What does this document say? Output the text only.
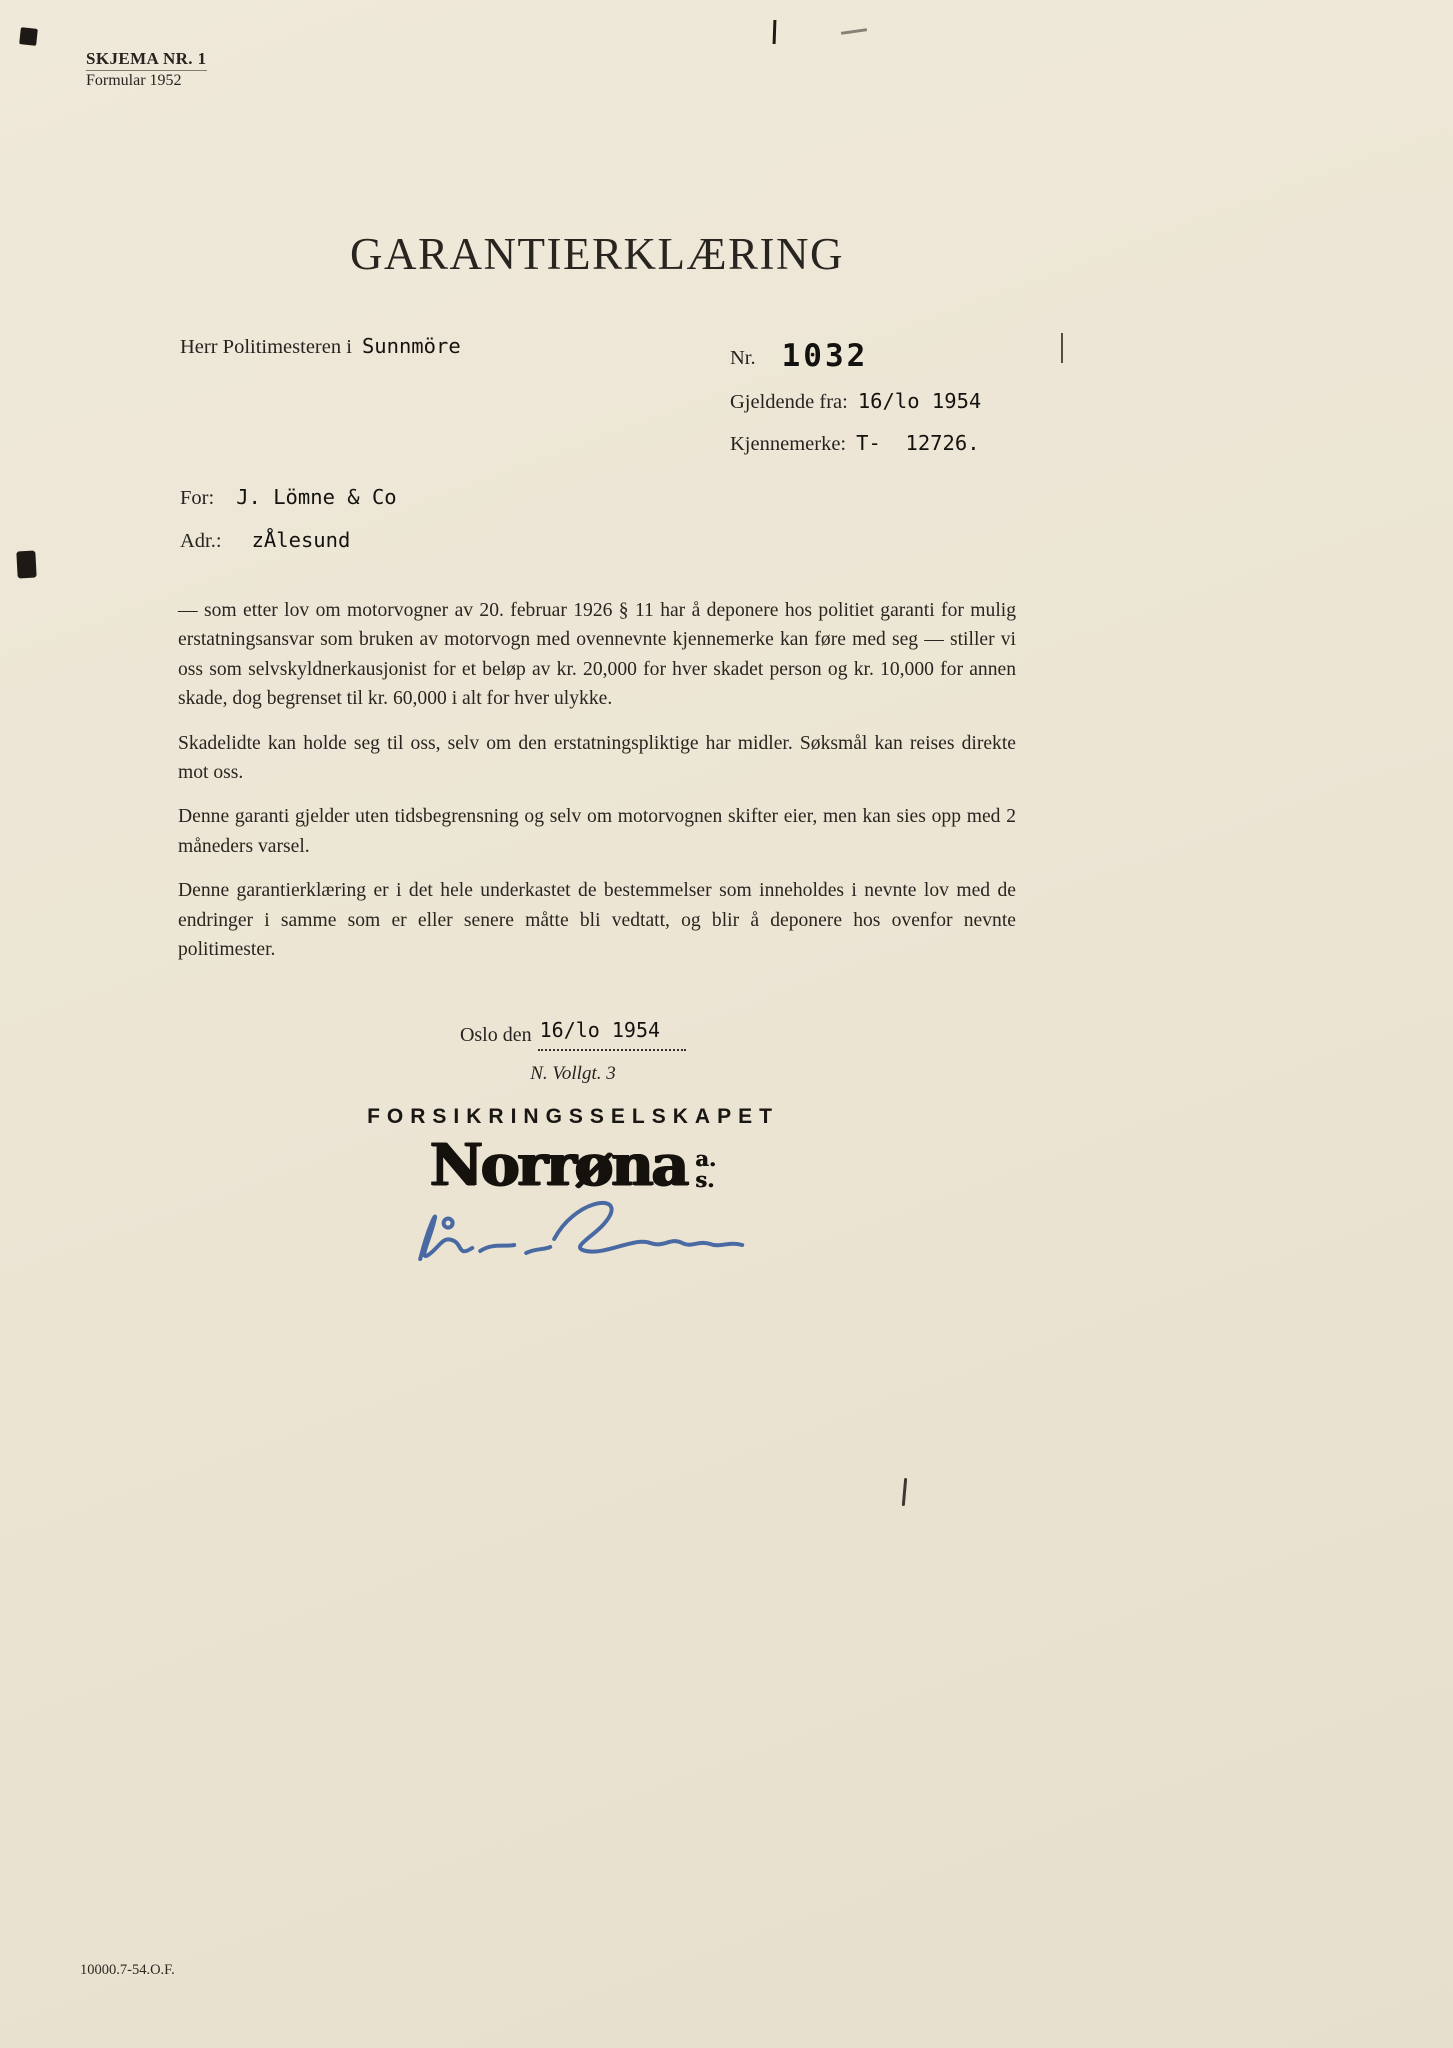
SKJEMA NR. 1
Formular 1952
GARANTIERKLÆRING
Herr Politimesteren i Sunnmöre	Nr. 1032
Gjeldende fra: 16/lo 1954
Kjennemerke: T-  12726.
For: J. Lömne & Co
Adr.: zÅlesund

— som etter lov om motorvogner av 20. februar 1926 § 11 har å deponere hos politiet garanti for mulig erstatningsansvar som bruken av motorvogn med ovennevnte kjennemerke kan føre med seg — stiller vi oss som selvskyldnerkausjonist for et beløp av kr. 20,000 for hver skadet person og kr. 10,000 for annen skade, dog begrenset til kr. 60,000 i alt for hver ulykke.

Skadelidte kan holde seg til oss, selv om den erstatningspliktige har midler. Søksmål kan reises direkte mot oss.

Denne garanti gjelder uten tidsbegrensning og selv om motorvognen skifter eier, men kan sies opp med 2 måneders varsel.

Denne garantierklæring er i det hele underkastet de bestemmelser som inneholdes i nevnte lov med de endringer i samme som er eller senere måtte bli vedtatt, og blir å deponere hos ovenfor nevnte politimester.

Oslo den 16/lo 1954
N. Vollgt. 3
FORSIKRINGSSELSKAPET
Norrøna a.
s.
10000.7-54.O.F.
